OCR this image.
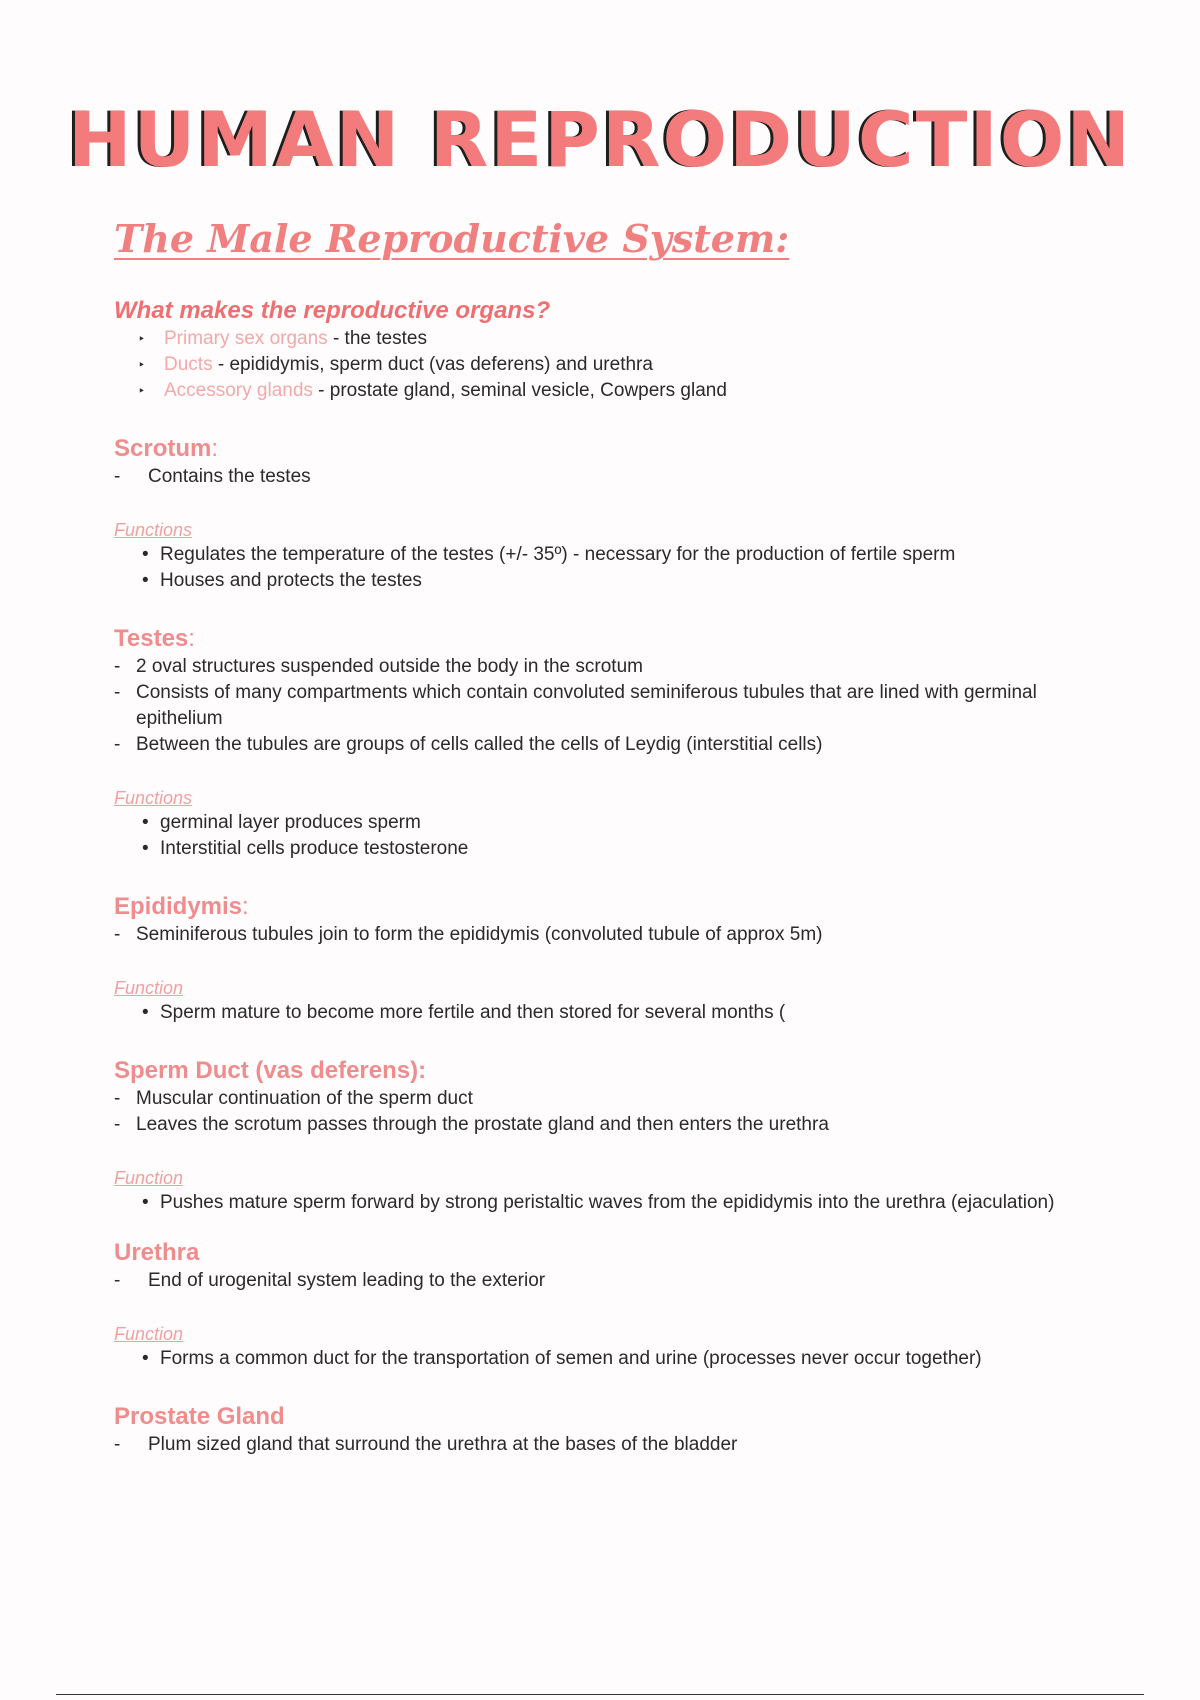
HUMAN REPRODUCTION
The Male Reproductive System:
What makes the reproductive organs?
‣ Primary sex organs - the testes
‣ Ducts - epididymis, sperm duct (vas deferens) and urethra
‣ Accessory glands - prostate gland, seminal vesicle, Cowpers gland
Scrotum:
- Contains the testes
Functions
• Regulates the temperature of the testes (+/- 35º) - necessary for the production of fertile sperm
• Houses and protects the testes
Testes:
- 2 oval structures suspended outside the body in the scrotum
- Consists of many compartments which contain convoluted seminiferous tubules that are lined with germinal epithelium
- Between the tubules are groups of cells called the cells of Leydig (interstitial cells)
Functions
• germinal layer produces sperm
• Interstitial cells produce testosterone
Epididymis:
- Seminiferous tubules join to form the epididymis (convoluted tubule of approx 5m)
Function
• Sperm mature to become more fertile and then stored for several months (
Sperm Duct (vas deferens):
- Muscular continuation of the sperm duct
- Leaves the scrotum passes through the prostate gland and then enters the urethra
Function
• Pushes mature sperm forward by strong peristaltic waves from the epididymis into the urethra (ejaculation)
Urethra
- End of urogenital system leading to the exterior
Function
• Forms a common duct for the transportation of semen and urine (processes never occur together)
Prostate Gland
- Plum sized gland that surround the urethra at the bases of the bladder
